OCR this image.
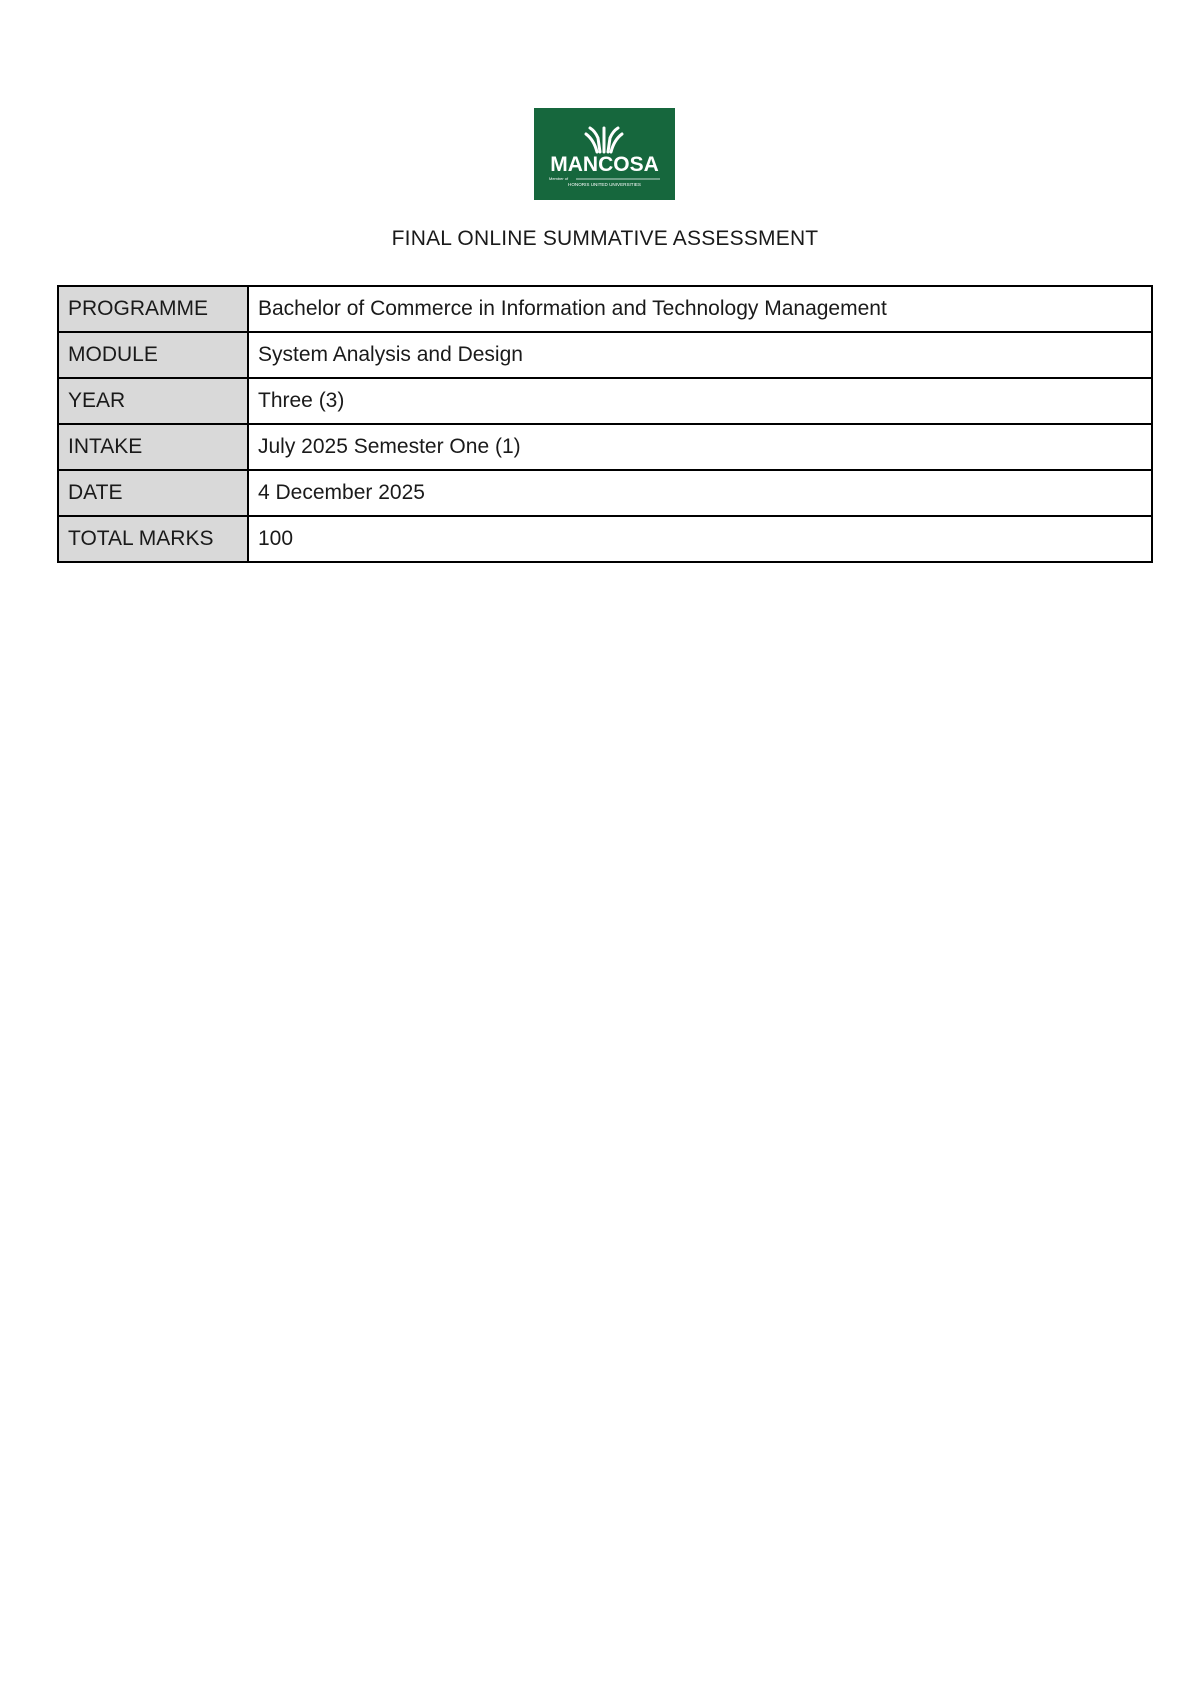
MANCOSA
Member of
HONORIS UNITED UNIVERSITIES
FINAL ONLINE SUMMATIVE ASSESSMENT
PROGRAMME	Bachelor of Commerce in Information and Technology Management
MODULE	System Analysis and Design
YEAR	Three (3)
INTAKE	July 2025 Semester One (1)
DATE	4 December 2025
TOTAL MARKS	100
